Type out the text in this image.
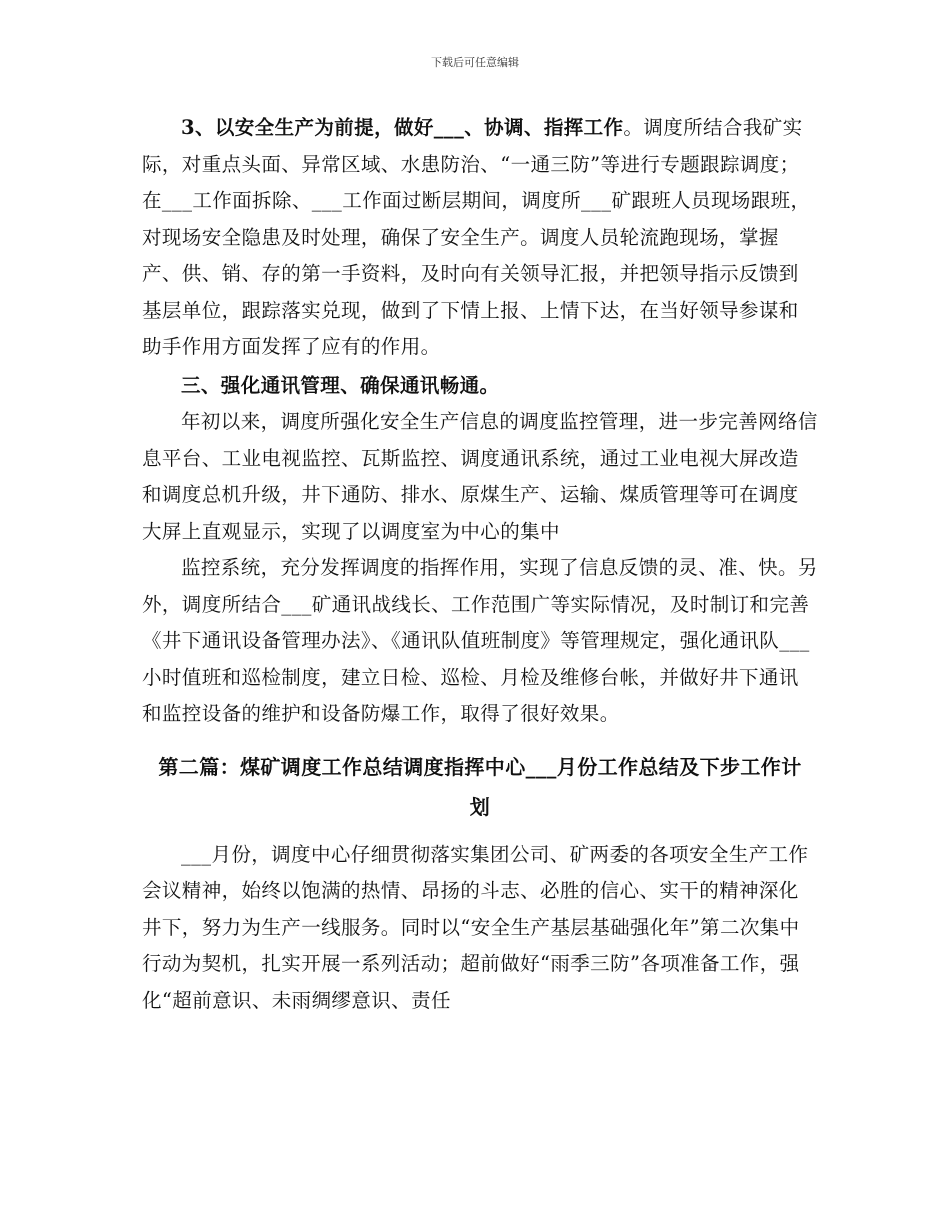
下载后可任意编辑

3、以安全生产为前提，做好___、协调、指挥工作。调度所结合我矿实际，对重点头面、异常区域、水患防治、“一通三防”等进行专题跟踪调度；在___工作面拆除、___工作面过断层期间，调度所___矿跟班人员现场跟班，对现场安全隐患及时处理，确保了安全生产。调度人员轮流跑现场，掌握产、供、销、存的第一手资料，及时向有关领导汇报，并把领导指示反馈到基层单位，跟踪落实兑现，做到了下情上报、上情下达，在当好领导参谋和助手作用方面发挥了应有的作用。

三、强化通讯管理、确保通讯畅通。

年初以来，调度所强化安全生产信息的调度监控管理，进一步完善网络信息平台、工业电视监控、瓦斯监控、调度通讯系统，通过工业电视大屏改造和调度总机升级，井下通防、排水、原煤生产、运输、煤质管理等可在调度大屏上直观显示，实现了以调度室为中心的集中

监控系统，充分发挥调度的指挥作用，实现了信息反馈的灵、准、快。另外，调度所结合___矿通讯战线长、工作范围广等实际情况，及时制订和完善《井下通讯设备管理办法》、《通讯队值班制度》等管理规定，强化通讯队___小时值班和巡检制度，建立日检、巡检、月检及维修台帐，并做好井下通讯和监控设备的维护和设备防爆工作，取得了很好效果。

第二篇：煤矿调度工作总结调度指挥中心___月份工作总结及下步工作计划

___月份，调度中心仔细贯彻落实集团公司、矿两委的各项安全生产工作会议精神，始终以饱满的热情、昂扬的斗志、必胜的信心、实干的精神深化井下，努力为生产一线服务。同时以“安全生产基层基础强化年”第二次集中行动为契机，扎实开展一系列活动；超前做好“雨季三防”各项准备工作，强化“超前意识、未雨绸缪意识、责任
